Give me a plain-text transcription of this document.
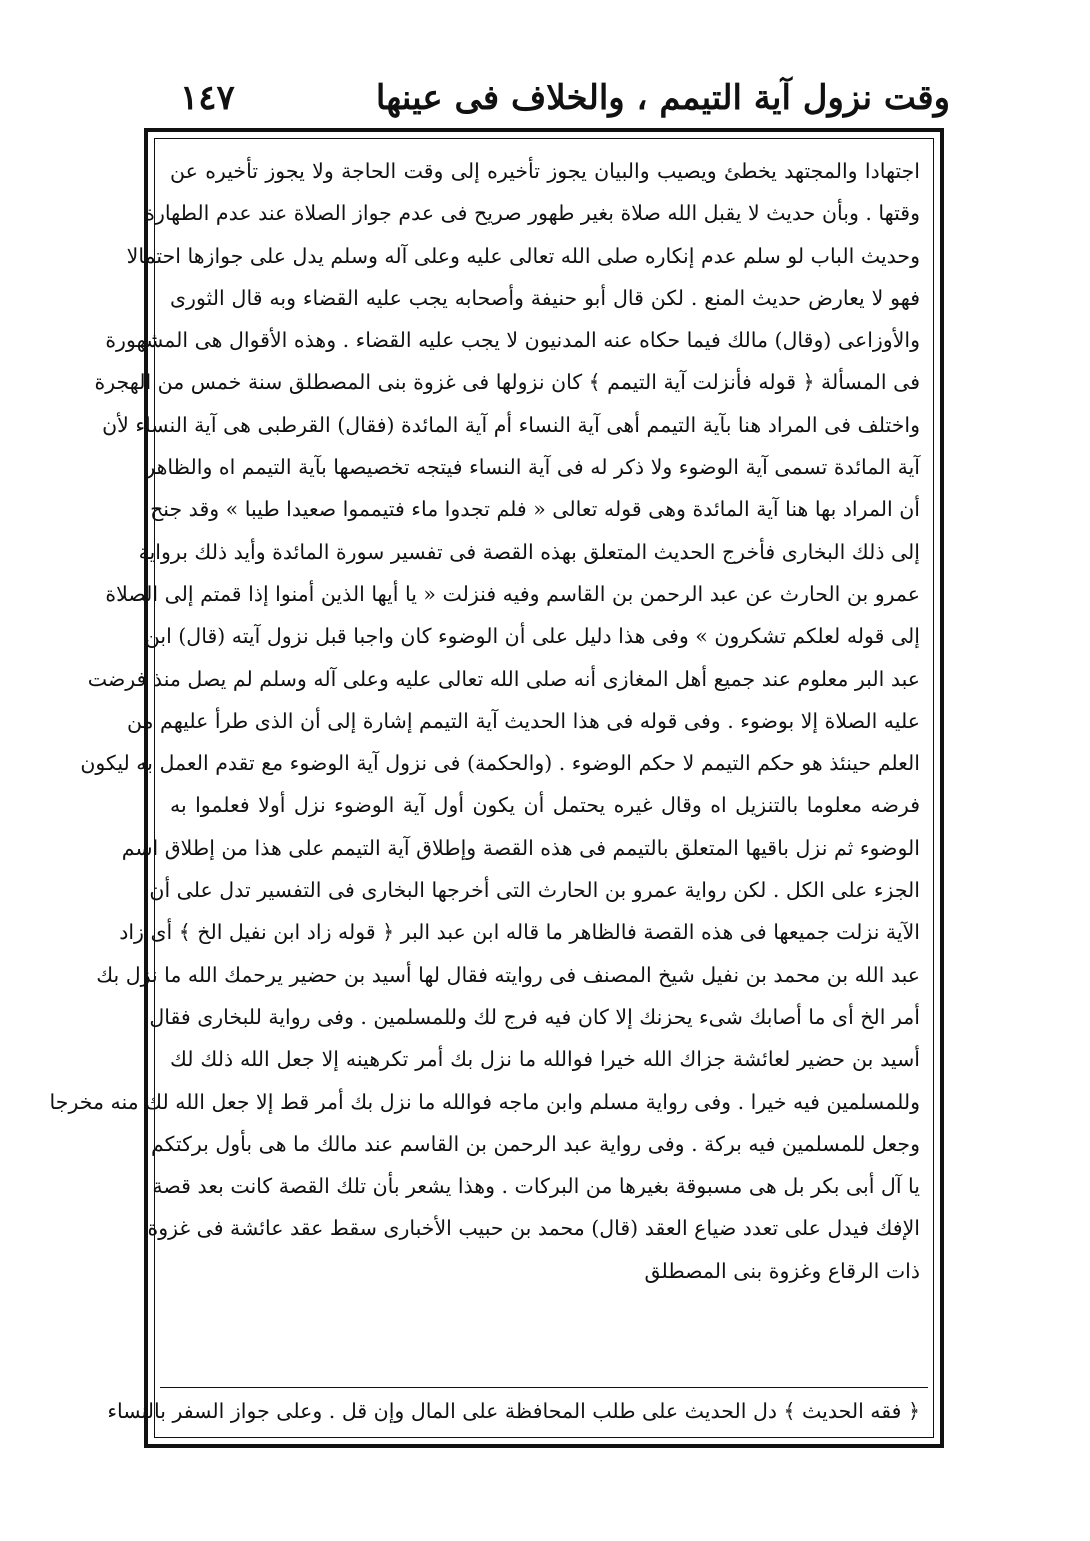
وقت نزول آية التيمم ، والخلاف فى عينها
١٤٧
اجتهادا والمجتهد يخطئ ويصيب والبيان يجوز تأخيره إلى وقت الحاجة ولا يجوز تأخيره عن
وقتها . وبأن حديث لا يقبل الله صلاة بغير طهور صريح فى عدم جواز الصلاة عند عدم الطهارة
وحديث الباب لو سلم عدم إنكاره صلى الله تعالى عليه وعلى آله وسلم يدل على جوازها احتمالا
فهو لا يعارض حديث المنع . لكن قال أبو حنيفة وأصحابه يجب عليه القضاء وبه قال الثورى
والأوزاعى (وقال) مالك فيما حكاه عنه المدنيون لا يجب عليه القضاء . وهذه الأقوال هى المشهورة
فى المسألة ﴿ قوله فأنزلت آية التيمم ﴾ كان نزولها فى غزوة بنى المصطلق سنة خمس من الهجرة
واختلف فى المراد هنا بآية التيمم أهى آية النساء أم آية المائدة (فقال) القرطبى هى آية النساء لأن
آية المائدة تسمى آية الوضوء ولا ذكر له فى آية النساء فيتجه تخصيصها بآية التيمم اه والظاهر
أن المراد بها هنا آية المائدة وهى قوله تعالى « فلم تجدوا ماء فتيمموا صعيدا طيبا » وقد جنح
إلى ذلك البخارى فأخرج الحديث المتعلق بهذه القصة فى تفسير سورة المائدة وأيد ذلك برواية
عمرو بن الحارث عن عبد الرحمن بن القاسم وفيه فنزلت « يا أيها الذين أمنوا إذا قمتم إلى الصلاة
إلى قوله لعلكم تشكرون » وفى هذا دليل على أن الوضوء كان واجبا قبل نزول آيته (قال) ابن
عبد البر معلوم عند جميع أهل المغازى أنه صلى الله تعالى عليه وعلى آله وسلم لم يصل منذ فرضت
عليه الصلاة إلا بوضوء . وفى قوله فى هذا الحديث آية التيمم إشارة إلى أن الذى طرأ عليهم من
العلم حينئذ هو حكم التيمم لا حكم الوضوء . (والحكمة) فى نزول آية الوضوء مع تقدم العمل به ليكون
فرضه معلوما بالتنزيل اه وقال غيره يحتمل أن يكون أول آية الوضوء نزل أولا فعلموا به
الوضوء ثم نزل باقيها المتعلق بالتيمم فى هذه القصة وإطلاق آية التيمم على هذا من إطلاق اسم
الجزء على الكل . لكن رواية عمرو بن الحارث التى أخرجها البخارى فى التفسير تدل على أن
الآية نزلت جميعها فى هذه القصة فالظاهر ما قاله ابن عبد البر ﴿ قوله زاد ابن نفيل الخ ﴾ أى زاد
عبد الله بن محمد بن نفيل شيخ المصنف فى روايته فقال لها أسيد بن حضير يرحمك الله ما نزل بك
أمر الخ أى ما أصابك شىء يحزنك إلا كان فيه فرج لك وللمسلمين . وفى رواية للبخارى فقال
أسيد بن حضير لعائشة جزاك الله خيرا فوالله ما نزل بك أمر تكرهينه إلا جعل الله ذلك لك
وللمسلمين فيه خيرا . وفى رواية مسلم وابن ماجه فوالله ما نزل بك أمر قط إلا جعل الله لك منه مخرجا
وجعل للمسلمين فيه بركة . وفى رواية عبد الرحمن بن القاسم عند مالك ما هى بأول بركتكم
يا آل أبى بكر بل هى مسبوقة بغيرها من البركات . وهذا يشعر بأن تلك القصة كانت بعد قصة
الإفك فيدل على تعدد ضياع العقد (قال) محمد بن حبيب الأخبارى سقط عقد عائشة فى غزوة
ذات الرقاع وغزوة بنى المصطلق
﴿ فقه الحديث ﴾ دل الحديث على طلب المحافظة على المال وإن قل . وعلى جواز السفر بالنساء
